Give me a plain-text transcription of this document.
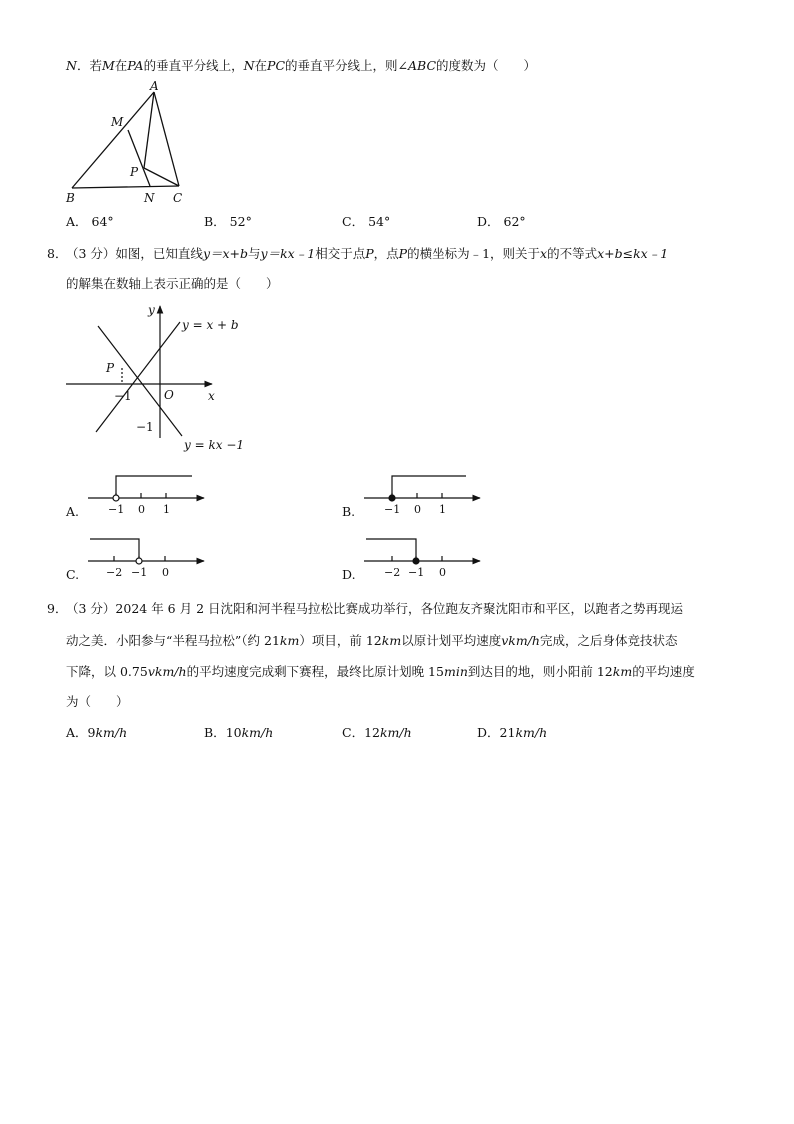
N．若M在PA的垂直平分线上，N在PC的垂直平分线上，则∠ABC的度数为（　　）
A
M
P
B	N C
A． 64°	B． 52°	C． 54°	D． 62°
8．
（3 分）如图，已知直线y＝x+b与y＝kx﹣1相交于点P，点P的横坐标为﹣1，则关于x的不等式x+b≤kx﹣1
的解集在数轴上表示正确的是（　　）
y
x
O
P
−1
−1
y = x + b
y = kx −1
A.	−1 0 1	B.	−1 0 1
C. −2 −1 0	D.	−2 −1 0
9．
（3 分）2024 年 6 月 2 日沈阳和河半程马拉松比赛成功举行，各位跑友齐聚沈阳市和平区，以跑者之势再现运
动之美．小阳参与“半程马拉松”（约 21km）项目，前 12km以原计划平均速度vkm/h完成，之后身体竞技状态
下降，以 0.75vkm/h的平均速度完成剩下赛程，最终比原计划晚 15min到达目的地，则小阳前 12km的平均速度
为（　　）
A．9km/h	B．10km/h	C．12km/h	D．21km/h
